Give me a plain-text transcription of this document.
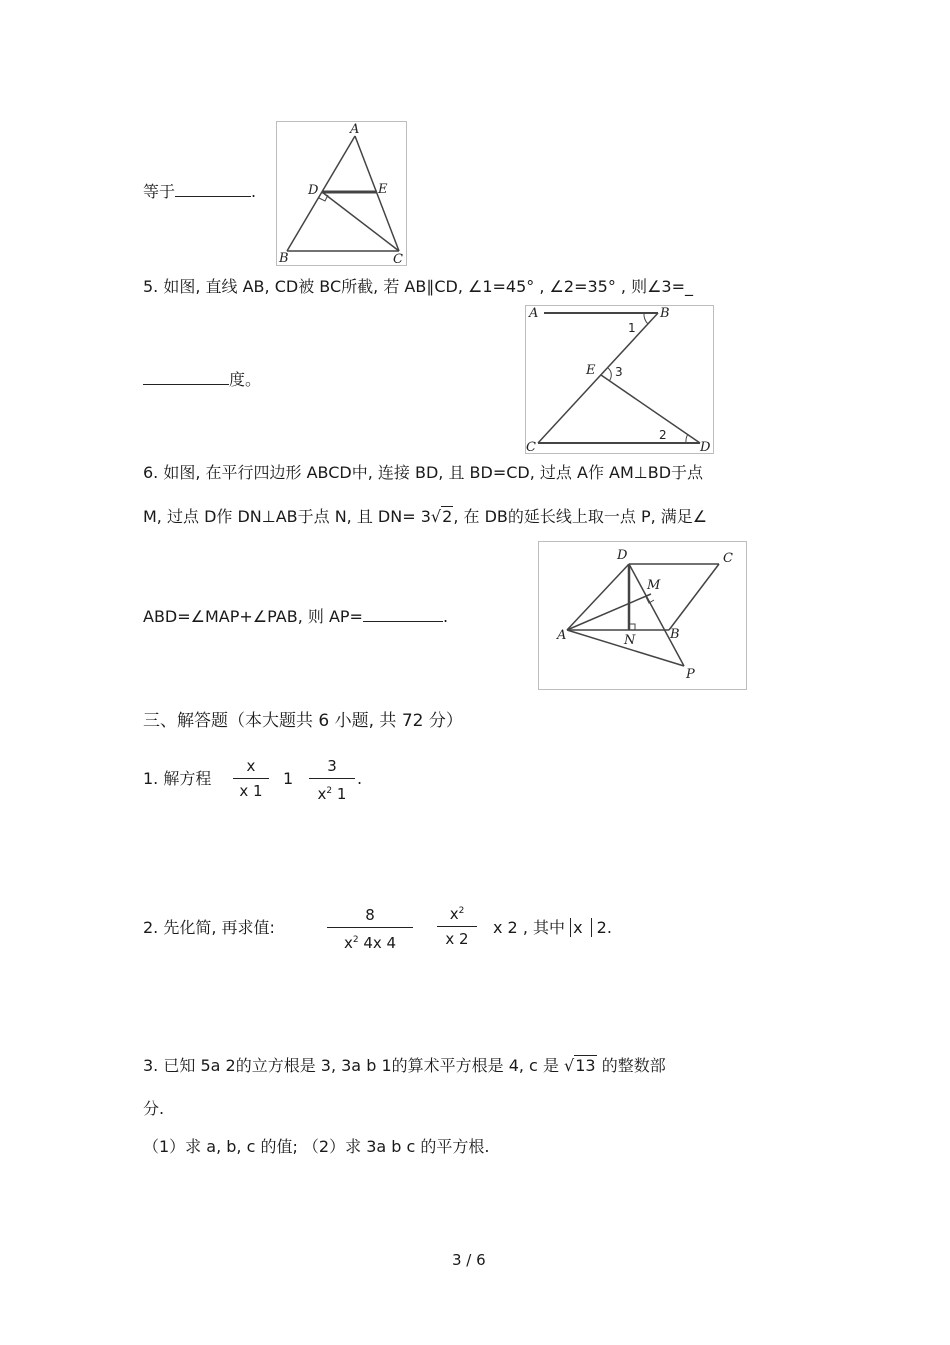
等于	.
A
D	E
B	C
5. 如图, 直线 AB, CD被 BC所截, 若 AB∥CD, ∠1=45° , ∠2=35° , 则∠3=_
度。
A	B
E
C	D
1
2
3
6. 如图, 在平行四边形 ABCD中, 连接 BD, 且 BD=CD, 过点 A作 AM⊥BD于点
M, 过点 D作 DN⊥AB于点 N, 且 DN= 3√2, 在 DB的延长线上取一点 P, 满足∠
ABD=∠MAP+∠PAB, 则 AP=	.
D	C
M
A	N	B
P
三、解答题（本大题共 6 小题, 共 72 分）
1. 解方程
x
x 1
1
3
$x^2$ 1
.
2. 先化简, 再求值:
8
$x^2$ 4x 4
$x^2$
x 2
x 2 , 其中 x 2.
3. 已知 5a 2的立方根是 3, 3a b 1的算术平方根是 4, c 是 √13 的整数部
分.
（1）求 a, b, c 的值; （2）求 3a b c 的平方根.
3 / 6
